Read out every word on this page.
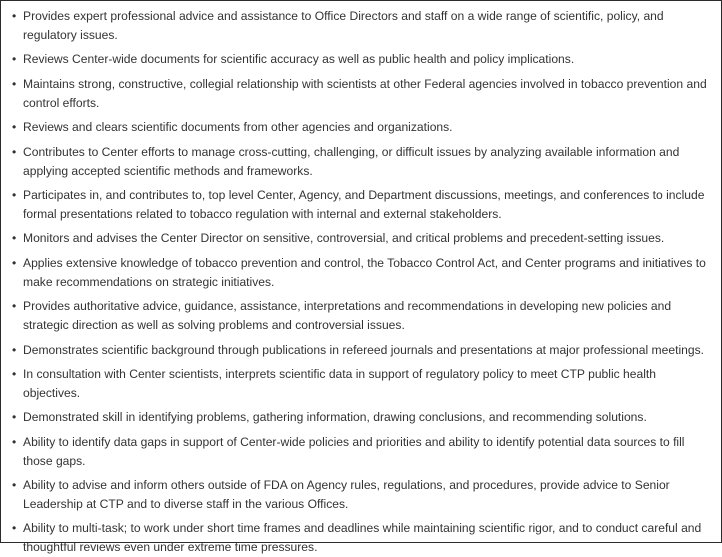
• Provides expert professional advice and assistance to Office Directors and staff on a wide range of scientific, policy, and regulatory issues.
• Reviews Center-wide documents for scientific accuracy as well as public health and policy implications.
• Maintains strong, constructive, collegial relationship with scientists at other Federal agencies involved in tobacco prevention and control efforts.
• Reviews and clears scientific documents from other agencies and organizations.
• Contributes to Center efforts to manage cross-cutting, challenging, or difficult issues by analyzing available information and applying accepted scientific methods and frameworks.
• Participates in, and contributes to, top level Center, Agency, and Department discussions, meetings, and conferences to include formal presentations related to tobacco regulation with internal and external stakeholders.
• Monitors and advises the Center Director on sensitive, controversial, and critical problems and precedent-setting issues.
• Applies extensive knowledge of tobacco prevention and control, the Tobacco Control Act, and Center programs and initiatives to make recommendations on strategic initiatives.
• Provides authoritative advice, guidance, assistance, interpretations and recommendations in developing new policies and strategic direction as well as solving problems and controversial issues.
• Demonstrates scientific background through publications in refereed journals and presentations at major professional meetings.
• In consultation with Center scientists, interprets scientific data in support of regulatory policy to meet CTP public health objectives.
• Demonstrated skill in identifying problems, gathering information, drawing conclusions, and recommending solutions.
• Ability to identify data gaps in support of Center-wide policies and priorities and ability to identify potential data sources to fill those gaps.
• Ability to advise and inform others outside of FDA on Agency rules, regulations, and procedures, provide advice to Senior Leadership at CTP and to diverse staff in the various Offices.
• Ability to multi-task; to work under short time frames and deadlines while maintaining scientific rigor, and to conduct careful and thoughtful reviews even under extreme time pressures.
